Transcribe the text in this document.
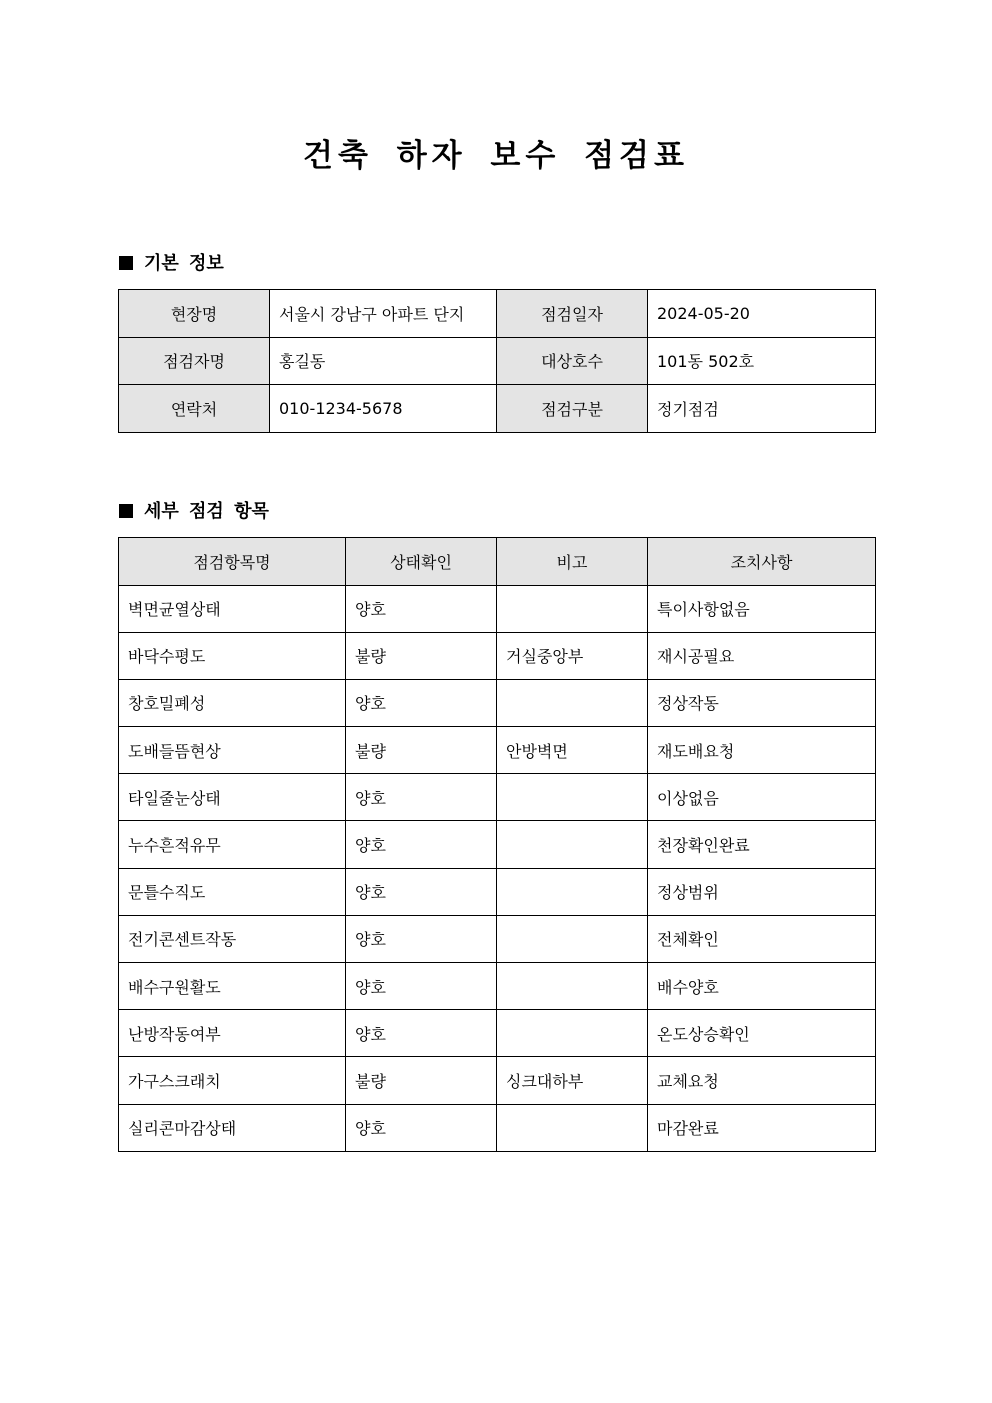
건축 하자 보수 점검표
기본 정보
현장명	서울시 강남구 아파트 단지	점검일자	2024-05-20
점검자명	홍길동	대상호수	101동 502호
연락처	010-1234-5678	점검구분	정기점검
세부 점검 항목
점검항목명	상태확인	비고	조치사항
벽면균열상태	양호		특이사항없음
바닥수평도	불량	거실중앙부	재시공필요
창호밀폐성	양호		정상작동
도배들뜸현상	불량	안방벽면	재도배요청
타일줄눈상태	양호		이상없음
누수흔적유무	양호		천장확인완료
문틀수직도	양호		정상범위
전기콘센트작동	양호		전체확인
배수구원활도	양호		배수양호
난방작동여부	양호		온도상승확인
가구스크래치	불량	싱크대하부	교체요청
실리콘마감상태	양호		마감완료
